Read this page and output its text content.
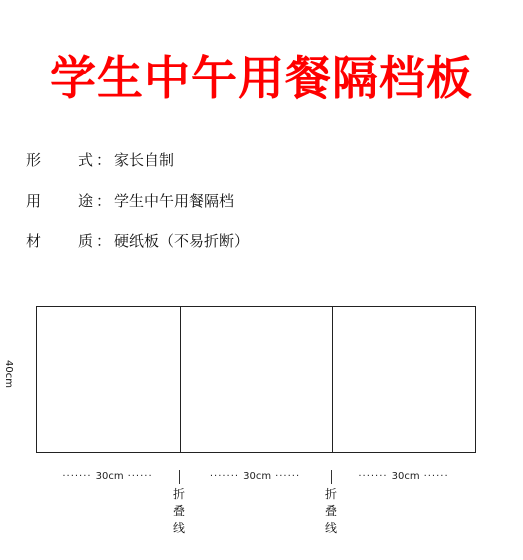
学生中午用餐隔档板
形 式 ： 家长自制
用 途 ： 学生中午用餐隔档
材 质 ： 硬纸板（不易折断）
40cm
······· 30cm ······	······· 30cm ······	······· 30cm ······
折
叠
线
折
叠
线
